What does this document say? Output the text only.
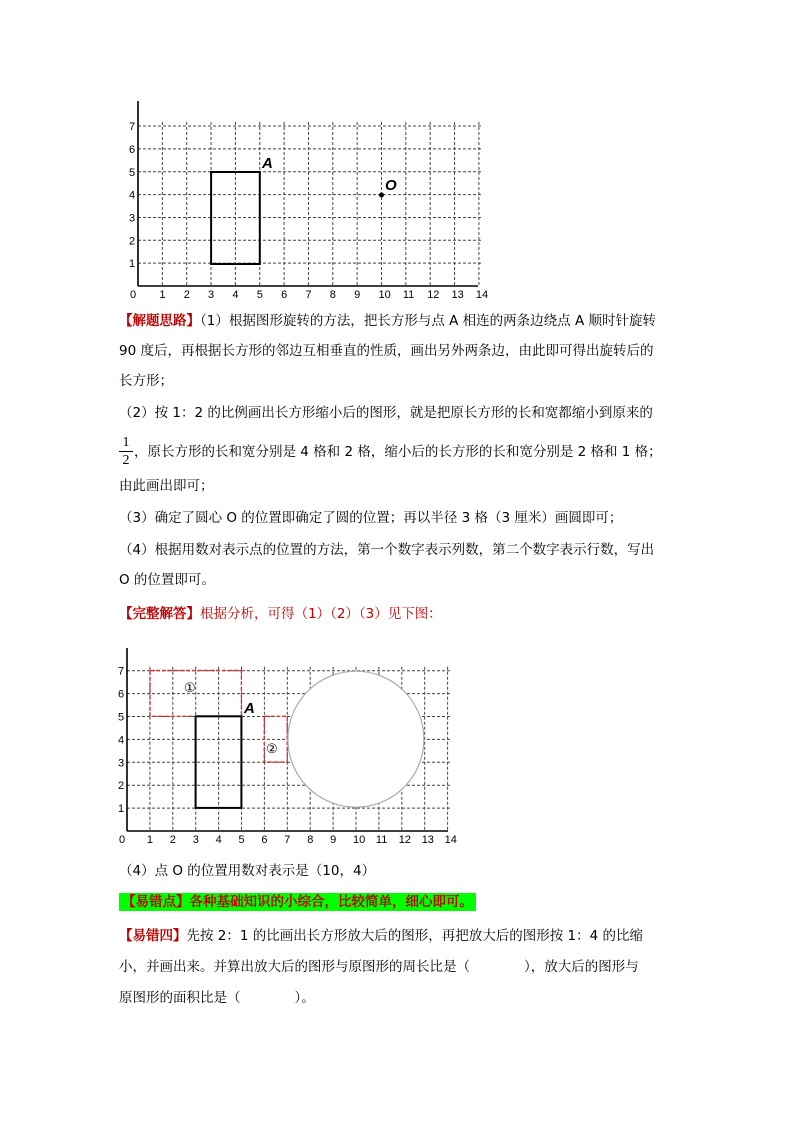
0 1 2 3 4 5 6 7 8 9 10 11 12 13 14
1
2
3
4
5
6
7
A
O
【解题思路】（1）根据图形旋转的方法，把长方形与点 A 相连的两条边绕点 A 顺时针旋转
90 度后，再根据长方形的邻边互相垂直的性质，画出另外两条边，由此即可得出旋转后的
长方形；
（2）按 1：2 的比例画出长方形缩小后的图形，就是把原长方形的长和宽都缩小到原来的
1
2
，原长方形的长和宽分别是 4 格和 2 格，缩小后的长方形的长和宽分别是 2 格和 1 格；
由此画出即可；
（3）确定了圆心 O 的位置即确定了圆的位置；再以半径 3 格（3 厘米）画圆即可；
（4）根据用数对表示点的位置的方法，第一个数字表示列数，第二个数字表示行数，写出
O 的位置即可。
【完整解答】根据分析，可得（1）（2）（3）见下图：
0 1 2 3 4 5 6 7 8 9 10 11 12 13 14
1
2
3
4
5
6
7
①
A
②
（4）点 O 的位置用数对表示是（10，4）
【易错点】各种基础知识的小综合，比较简单，细心即可。
【易错四】先按 2：1 的比画出长方形放大后的图形，再把放大后的图形按 1：4 的比缩
小，并画出来。并算出放大后的图形与原图形的周长比是（　　　　），放大后的图形与
原图形的面积比是（　　　　）。
